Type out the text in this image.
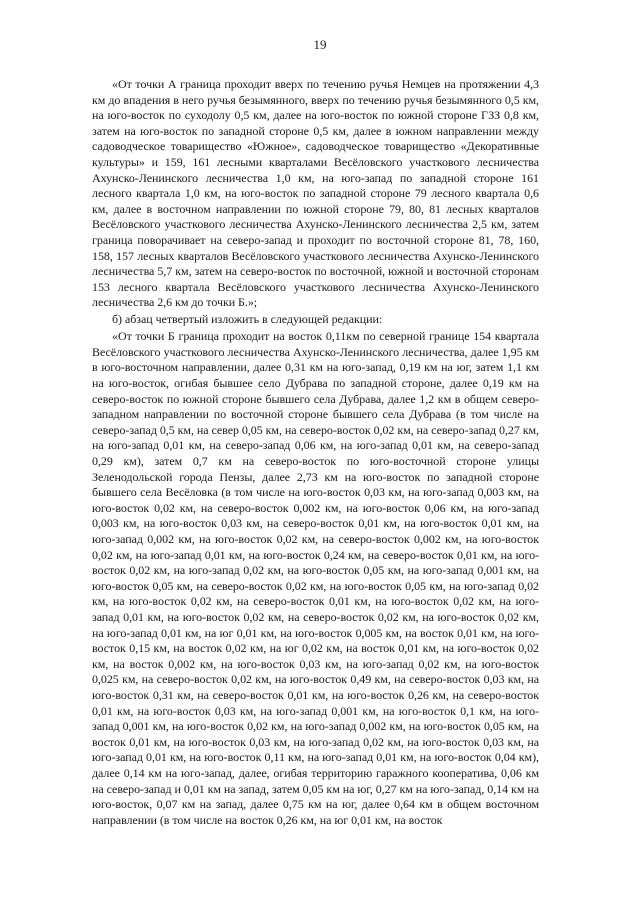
19

«От точки А граница проходит вверх по течению ручья Немцев на протяжении 4,3 км до впадения в него ручья безымянного, вверх по течению ручья безымянного 0,5 км, на юго-восток по суходолу 0,5 км, далее на юго-восток по южной стороне ГЗЗ 0,8 км, затем на юго-восток по западной стороне 0,5 км, далее в южном направлении между садоводческое товарищество «Южное», садоводческое товарищество «Декоративные культуры» и 159, 161 лесными кварталами Весёловского участкового лесничества Ахунско-Ленинского лесничества 1,0 км, на юго-запад по западной стороне 161 лесного квартала 1,0 км, на юго-восток по западной стороне 79 лесного квартала 0,6 км, далее в восточном направлении по южной стороне 79, 80, 81 лесных кварталов Весёловского участкового лесничества Ахунско-Ленинского лесничества 2,5 км, затем граница поворачивает на северо-запад и проходит по восточной стороне 81, 78, 160, 158, 157 лесных кварталов Весёловского участкового лесничества Ахунско-Ленинского лесничества 5,7 км, затем на северо-восток по восточной, южной и восточной сторонам 153 лесного квартала Весёловского участкового лесничества Ахунско-Ленинского лесничества 2,6 км до точки Б.»;

б) абзац четвертый изложить в следующей редакции:

«От точки Б граница проходит на восток 0,11км по северной границе 154 квартала Весёловского участкового лесничества Ахунско-Ленинского лесничества, далее 1,95 км в юго-восточном направлении, далее 0,31 км на юго-запад, 0,19 км на юг, затем 1,1 км на юго-восток, огибая бывшее село Дубрава по западной стороне, далее 0,19 км на северо-восток по южной стороне бывшего села Дубрава, далее 1,2 км в общем северо-западном направлении по восточной стороне бывшего села Дубрава (в том числе на северо-запад 0,5 км, на север 0,05 км, на северо-восток 0,02 км, на северо-запад 0,27 км, на юго-запад 0,01 км, на северо-запад 0,06 км, на юго-запад 0,01 км, на северо-запад 0,29 км), затем 0,7 км на северо-восток по юго-восточной стороне улицы Зеленодольской города Пензы, далее 2,73 км на юго-восток по западной стороне бывшего села Весёловка (в том числе на юго-восток 0,03 км, на юго-запад 0,003 км, на юго-восток 0,02 км, на северо-восток 0,002 км, на юго-восток 0,06 км, на юго-запад 0,003 км, на юго-восток 0,03 км, на северо-восток 0,01 км, на юго-восток 0,01 км, на юго-запад 0,002 км, на юго-восток 0,02 км, на северо-восток 0,002 км, на юго-восток 0,02 км, на юго-запад 0,01 км, на юго-восток 0,24 км, на северо-восток 0,01 км, на юго-восток 0,02 км, на юго-запад 0,02 км, на юго-восток 0,05 км, на юго-запад 0,001 км, на юго-восток 0,05 км, на северо-восток 0,02 км, на юго-восток 0,05 км, на юго-запад 0,02 км, на юго-восток 0,02 км, на северо-восток 0,01 км, на юго-восток 0,02 км, на юго-запад 0,01 км, на юго-восток 0,02 км, на северо-восток 0,02 км, на юго-восток 0,02 км, на юго-запад 0,01 км, на юг 0,01 км, на юго-восток 0,005 км, на восток 0,01 км, на юго-восток 0,15 км, на восток 0,02 км, на юг 0,02 км, на восток 0,01 км, на юго-восток 0,02 км, на восток 0,002 км, на юго-восток 0,03 км, на юго-запад 0,02 км, на юго-восток 0,025 км, на северо-восток 0,02 км, на юго-восток 0,49 км, на северо-восток 0,03 км, на юго-восток 0,31 км, на северо-восток 0,01 км, на юго-восток 0,26 км, на северо-восток 0,01 км, на юго-восток 0,03 км, на юго-запад 0,001 км, на юго-восток 0,1 км, на юго-запад 0,001 км, на юго-восток 0,02 км, на юго-запад 0,002 км, на юго-восток 0,05 км, на восток 0,01 км, на юго-восток 0,03 км, на юго-запад 0,02 км, на юго-восток 0,03 км, на юго-запад 0,01 км, на юго-восток 0,11 км, на юго-запад 0,01 км, на юго-восток 0,04 км), далее 0,14 км на юго-запад, далее, огибая территорию гаражного кооператива, 0,06 км на северо-запад и 0,01 км на запад, затем 0,05 км на юг, 0,27 км на юго-запад, 0,14 км на юго-восток, 0,07 км на запад, далее 0,75 км на юг, далее 0,64 км в общем восточном направлении (в том числе на восток 0,26 км, на юг 0,01 км, на восток
